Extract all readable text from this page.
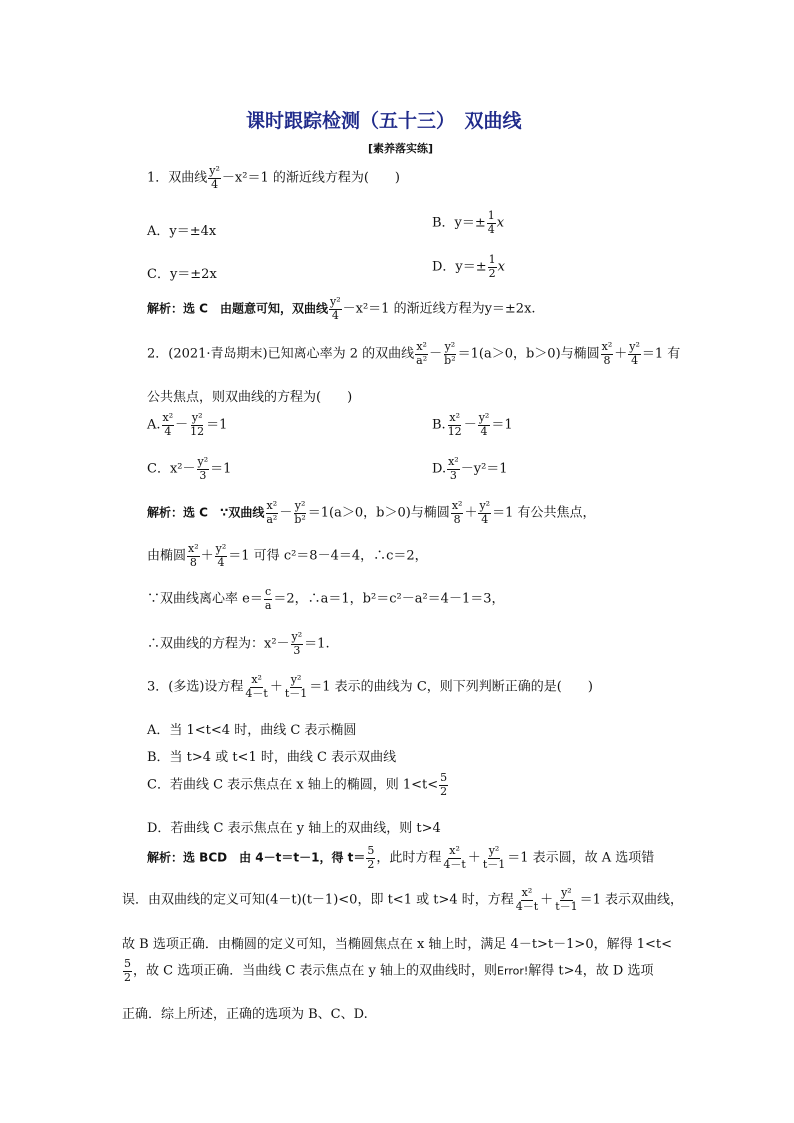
课时跟踪检测（五十三）　双曲线
[素养落实练]
1．双曲线 $\frac{\text{y²}}{4} -x^2=1$ 的渐近线方程为(　　)
A．y＝±4x
B．$y=\pm \frac{1}{4}$ x
C．y＝±2x	D．$y=\pm \frac{1}{2}$ x
解析：选 C　由题意可知，双曲线 $\frac{\text{y²}}{4} -x^2=1$ 的渐近线方程为y＝±2x.
2．(2021·青岛期末)已知离心率为 2 的双曲线 $\frac{\text{x²}}{\text{a²}} - \frac{\text{y²}}{\text{b²}} =1(a>0$，b＞0)与椭圆 $\frac{\text{x²}}{8} + \frac{\text{y²}}{4} =1$ 有
公共焦点，则双曲线的方程为(　　)
A. $\frac{\text{x²}}{4} - \frac{\text{y²}}{12} =1$	B. $\frac{\text{x²}}{12} - \frac{\text{y²}}{4} =1$
C．$x^2- \frac{\text{y²}}{3} =1$	D. $\frac{\text{x²}}{3} -y^2=1$
解析：选 C　∵双曲线 $\frac{\text{x²}}{\text{a²}} - \frac{\text{y²}}{\text{b²}} =1(a>0$，b＞0)与椭圆 $\frac{\text{x²}}{8} + \frac{\text{y²}}{4} =1$ 有公共焦点，
由椭圆 $\frac{\text{x²}}{8} + \frac{\text{y²}}{4} =1$ 可得 c²＝8－4＝4，∴c＝2，
∵双曲线离心率 $e= \frac{c}{a} =2$，∴a＝1，b²＝c²－a²＝4－1＝3，
∴双曲线的方程为：$x^2- \frac{\text{y²}}{3} =1$.
3．(多选)设方程 $\frac{\text{x²}}{4-t} + \frac{\text{y²}}{t-1} =1$ 表示的曲线为 C，则下列判断正确的是(　　)
A．当 1<t<4 时，曲线 C 表示椭圆
B．当 t>4 或 t<1 时，曲线 C 表示双曲线
C．若曲线 C 表示焦点在 x 轴上的椭圆，则 $1<t< \frac{5}{2}$
D．若曲线 C 表示焦点在 y 轴上的双曲线，则 t>4
解析：选 BCD　由 4－t＝t－1，得 $t= \frac{5}{2}$ ，此时方程 $\frac{\text{x²}}{4-t} + \frac{\text{y²}}{t-1} =1$ 表示圆，故 A 选项错
误．由双曲线的定义可知(4－t)(t－1)<0，即 t<1 或 t>4 时，方程 $\frac{\text{x²}}{4-t} + \frac{\text{y²}}{t-1} =1$ 表示双曲线，
故 B 选项正确．由椭圆的定义可知，当椭圆焦点在 x 轴上时，满足 4－t>t－1>0，解得 1<t<
$\frac{5}{2}$ ，故 C 选项正确．当曲线 C 表示焦点在 y 轴上的双曲线时，则Error!解得 t>4，故 D 选项
正确．综上所述，正确的选项为 B、C、D.
